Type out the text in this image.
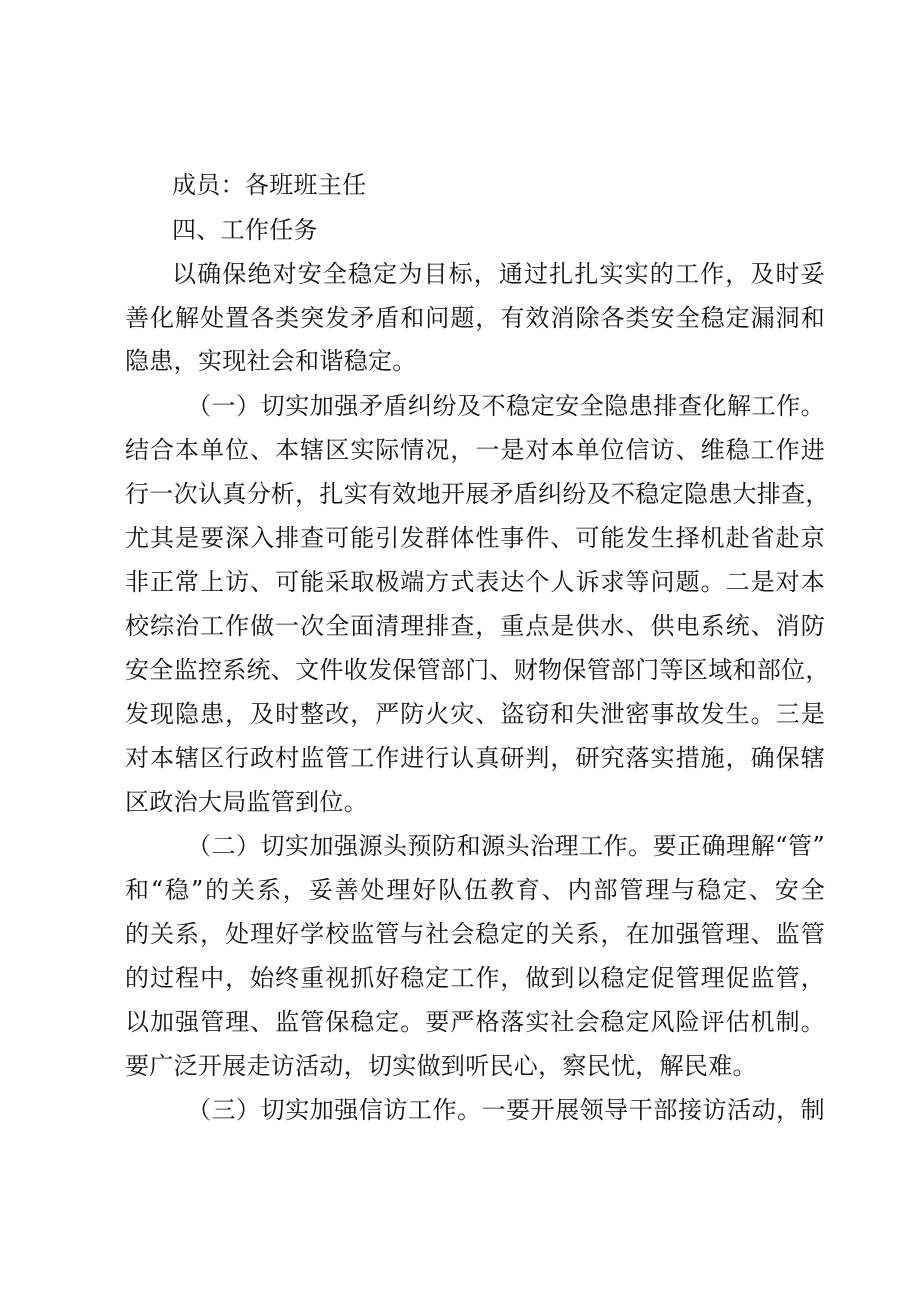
成员：各班班主任
四、工作任务
以确保绝对安全稳定为目标，通过扎扎实实的工作，及时妥
善化解处置各类突发矛盾和问题，有效消除各类安全稳定漏洞和
隐患，实现社会和谐稳定。
（一）切实加强矛盾纠纷及不稳定安全隐患排查化解工作。
结合本单位、本辖区实际情况，一是对本单位信访、维稳工作进
行一次认真分析，扎实有效地开展矛盾纠纷及不稳定隐患大排查，
尤其是要深入排查可能引发群体性事件、可能发生择机赴省赴京
非正常上访、可能采取极端方式表达个人诉求等问题。二是对本
校综治工作做一次全面清理排查，重点是供水、供电系统、消防
安全监控系统、文件收发保管部门、财物保管部门等区域和部位，
发现隐患，及时整改，严防火灾、盗窃和失泄密事故发生。三是
对本辖区行政村监管工作进行认真研判，研究落实措施，确保辖
区政治大局监管到位。
（二）切实加强源头预防和源头治理工作。要正确理解“管”
和“稳”的关系，妥善处理好队伍教育、内部管理与稳定、安全
的关系，处理好学校监管与社会稳定的关系，在加强管理、监管
的过程中，始终重视抓好稳定工作，做到以稳定促管理促监管，
以加强管理、监管保稳定。要严格落实社会稳定风险评估机制。
要广泛开展走访活动，切实做到听民心，察民忧，解民难。
（三）切实加强信访工作。一要开展领导干部接访活动，制
